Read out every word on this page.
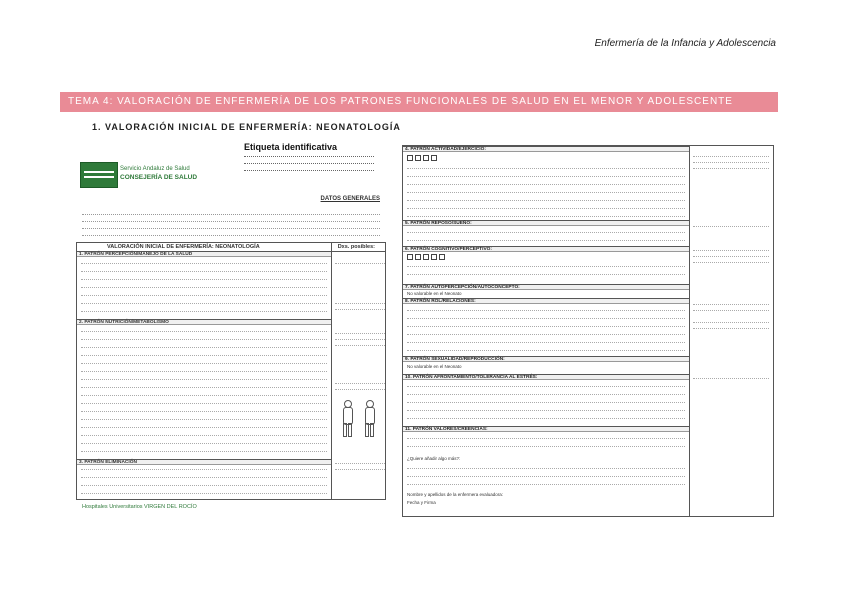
Enfermería de la Infancia y Adolescencia
TEMA 4: VALORACIÓN DE ENFERMERÍA DE LOS PATRONES FUNCIONALES DE SALUD EN EL MENOR Y ADOLESCENTE
1. VALORACIÓN INICIAL DE ENFERMERÍA: NEONATOLOGÍA
Etiqueta identificativa
Servicio Andaluz de Salud
CONSEJERÍA DE SALUD
DATOS GENERALES
VALORACIÓN INICIAL DE ENFERMERÍA: NEONATOLOGÍA	Dxs. posibles:
1. PATRÓN PERCEPCIÓN/MANEJO DE LA SALUD
2. PATRÓN NUTRICIÓN/METABOLISMO
3. PATRÓN ELIMINACIÓN
Hospitales Universitarios VIRGEN DEL ROCÍO
4. PATRÓN ACTIVIDAD/EJERCICIO:
5. PATRÓN REPOSO/SUEÑO:
6. PATRÓN COGNITIVO/PERCEPTIVO:
7. PATRÓN AUTOPERCEPCIÓN/AUTOCONCEPTO:
No valorable en el Neonato
8. PATRÓN ROL/RELACIONES:
9. PATRÓN SEXUALIDAD/REPRODUCCIÓN:
No valorable en el Neonato
10. PATRÓN AFRONTAMIENTO/TOLERANCIA AL ESTRÉS:
11. PATRÓN VALORES/CREENCIAS:
¿Quiere añadir algo más?:
Nombre y apellidos de la enfermera evaluadora:
Fecha y Firma
